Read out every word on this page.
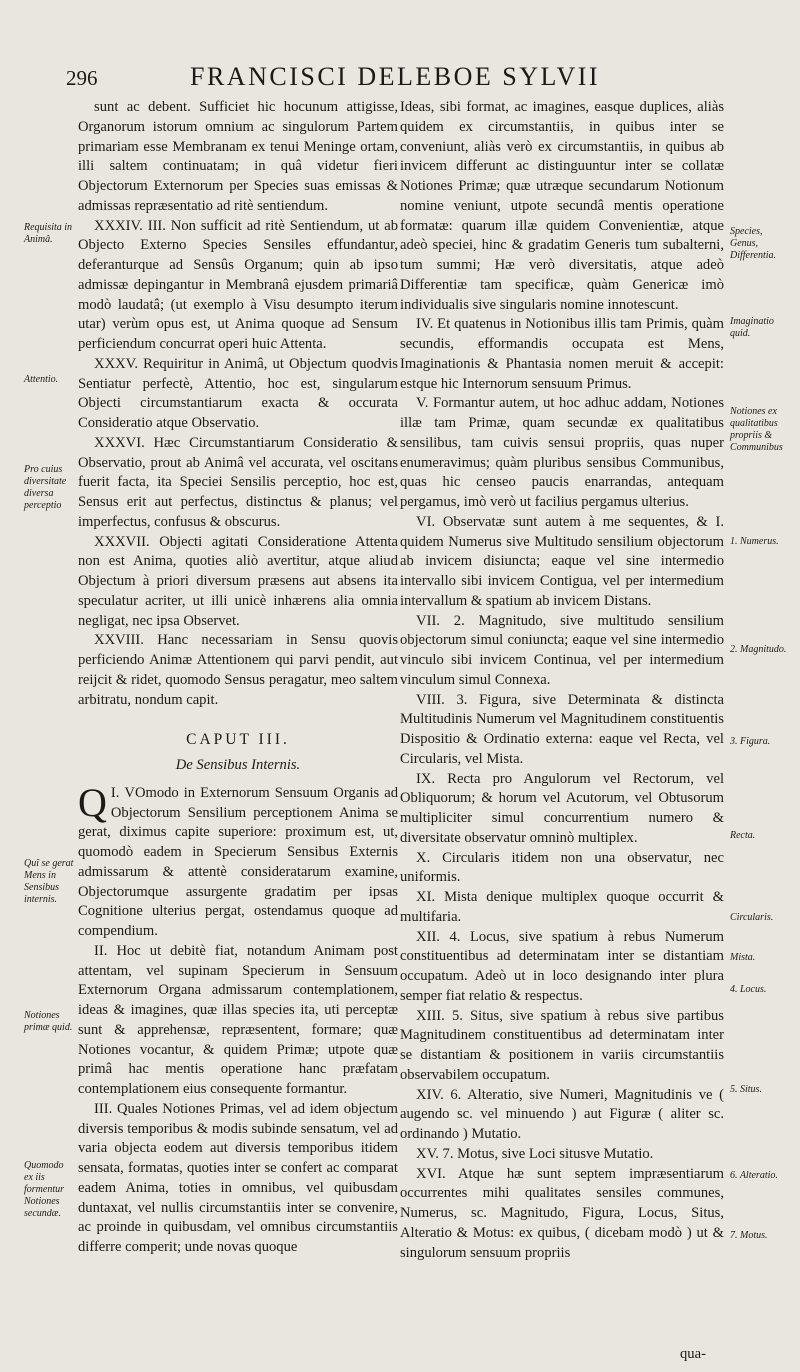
296	FRANCISCI DELEBOE SYLVII

sunt ac debent. Sufficiet hic hocunum attigisse, Organorum istorum omnium ac singulorum Partem primariam esse Membranam ex tenui Meninge ortam, illi saltem continuatam; in quâ videtur fieri Objectorum Externorum per Species suas emissas & admissas repræsentatio ad ritè sentiendum.

XXXIV. III. Non sufficit ad ritè Sentiendum, ut ab Objecto Externo Species Sensiles effundantur, deferanturque ad Sensûs Organum; quin ab ipso admissæ depingantur in Membranâ ejusdem primariâ modò laudatâ; (ut exemplo à Visu desumpto iterum utar) verùm opus est, ut Anima quoque ad Sensum perficiendum concurrat operi huic Attenta.

XXXV. Requiritur in Animâ, ut Objectum quodvis Sentiatur perfectè, Attentio, hoc est, singularum Objecti circumstantiarum exacta & occurata Consideratio atque Observatio.

XXXVI. Hæc Circumstantiarum Consideratio & Observatio, prout ab Animâ vel accurata, vel oscitans fuerit facta, ita Speciei Sensilis perceptio, hoc est, Sensus erit aut perfectus, distinctus & planus; vel imperfectus, confusus & obscurus.

XXXVII. Objecti agitati Consideratione Attenta non est Anima, quoties aliò avertitur, atque aliud Objectum à priori diversum præsens aut absens ita speculatur acriter, ut illi unicè inhærens alia omnia negligat, nec ipsa Observet.

XXVIII. Hanc necessariam in Sensu quovis perficiendo Animæ Attentionem qui parvi pendit, aut reijcit & ridet, quomodo Sensus peragatur, meo saltem arbitratu, nondum capit.

CAPUT III.

De Sensibus Internis.

I.
Q VOmodo in Externorum Sensuum Organis ad Objectorum Sensilium perceptionem Anima se gerat, diximus capite superiore: proximum est, ut, quomodò eadem in Specierum Sensibus Externis admissarum & attentè consideratarum examine, Objectorumque assurgente gradatim per ipsas Cognitione ulterius pergat, ostendamus quoque ad compendium.

II. Hoc ut debitè fiat, notandum Animam post attentam, vel supinam Specierum in Sensuum Externorum Organa admissarum contemplationem, ideas & imagines, quæ illas species ita, uti perceptæ sunt & apprehensæ, repræsentent, formare; quæ Notiones vocantur, & quidem Primæ; utpote quæ primâ hac mentis operatione hanc præfatam contemplationem eius consequente formantur.

III. Quales Notiones Primas, vel ad idem objectum diversis temporibus & modis subinde sensatum, vel ad varia objecta eodem aut diversis temporibus itidem sensata, formatas, quoties inter se confert ac comparat eadem Anima, toties in omnibus, vel quibusdam duntaxat, vel nullis circumstantiis inter se convenire, ac proinde in quibusdam, vel omnibus circumstantiis differre comperit; unde novas quoque

Ideas, sibi format, ac imagines, easque duplices, aliàs quidem ex circumstantiis, in quibus inter se conveniunt, aliàs verò ex circumstantiis, in quibus ab invicem differunt ac distinguuntur inter se collatæ Notiones Primæ; quæ utræque secundarum Notionum nomine veniunt, utpote secundâ mentis operatione formatæ: quarum illæ quidem Convenientiæ, atque adeò speciei, hinc & gradatim Generis tum subalterni, tum summi; Hæ verò diversitatis, atque adeò Differentiæ tam specificæ, quàm Genericæ imò individualis sive singularis nomine innotescunt.

IV. Et quatenus in Notionibus illis tam Primis, quàm secundis, efformandis occupata est Mens, Imaginationis & Phantasia nomen meruit & accepit: estque hic Internorum sensuum Primus.

V. Formantur autem, ut hoc adhuc addam, Notiones illæ tam Primæ, quam secundæ ex qualitatibus sensilibus, tam cuivis sensui propriis, quas nuper enumeravimus; quàm pluribus sensibus Communibus, quas hic censeo paucis enarrandas, antequam pergamus, imò verò ut facilius pergamus ulterius.

VI. Observatæ sunt autem à me sequentes, & I. quidem Numerus sive Multitudo sensilium objectorum ab invicem disiuncta; eaque vel sine intermedio intervallo sibi invicem Contigua, vel per intermedium intervallum & spatium ab invicem Distans.

VII. 2. Magnitudo, sive multitudo sensilium objectorum simul coniuncta; eaque vel sine intermedio vinculo sibi invicem Continua, vel per intermedium vinculum simul Connexa.

VIII. 3. Figura, sive Determinata & distincta Multitudinis Numerum vel Magnitudinem constituentis Dispositio & Ordinatio externa: eaque vel Recta, vel Circularis, vel Mista.

IX. Recta pro Angulorum vel Rectorum, vel Obliquorum; & horum vel Acutorum, vel Obtusorum multipliciter simul concurrentium numero & diversitate observatur omninò multiplex.

X. Circularis itidem non una observatur, nec uniformis.

XI. Mista denique multiplex quoque occurrit & multifaria.

XII. 4. Locus, sive spatium à rebus Numerum constituentibus ad determinatam inter se distantiam occupatum. Adeò ut in loco designando inter plura semper fiat relatio & respectus.

XIII. 5. Situs, sive spatium à rebus sive partibus Magnitudinem constituentibus ad determinatam inter se distantiam & positionem in variis circumstantiis observabilem occupatum.

XIV. 6. Alteratio, sive Numeri, Magnitudinis ve ( augendo sc. vel minuendo ) aut Figuræ ( aliter sc. ordinando ) Mutatio.

XV. 7. Motus, sive Loci situsve Mutatio.

XVI. Atque hæ sunt septem impræsentiarum occurrentes mihi qualitates sensiles communes, Numerus, sc. Magnitudo, Figura, Locus, Situs, Alteratio & Motus: ex quibus, ( dicebam modò ) ut & singulorum sensuum propriis

Requisita in Animâ.
Attentio.
Pro cuius diversitate diversa perceptio
Quî se gerat Mens in Sensibus internis.
Notiones primæ quid.
Quomodo ex iis formentur Notiones secundæ.
Species, Genus, Differentia.
Imaginatio quid.
Notiones ex qualitatibus propriis & Communibus
1. Numerus.
2. Magnitudo.
3. Figura.
Recta.
Circularis.
Mista.
4. Locus.
5. Situs.
6. Alteratio.
7. Motus.
qua-
